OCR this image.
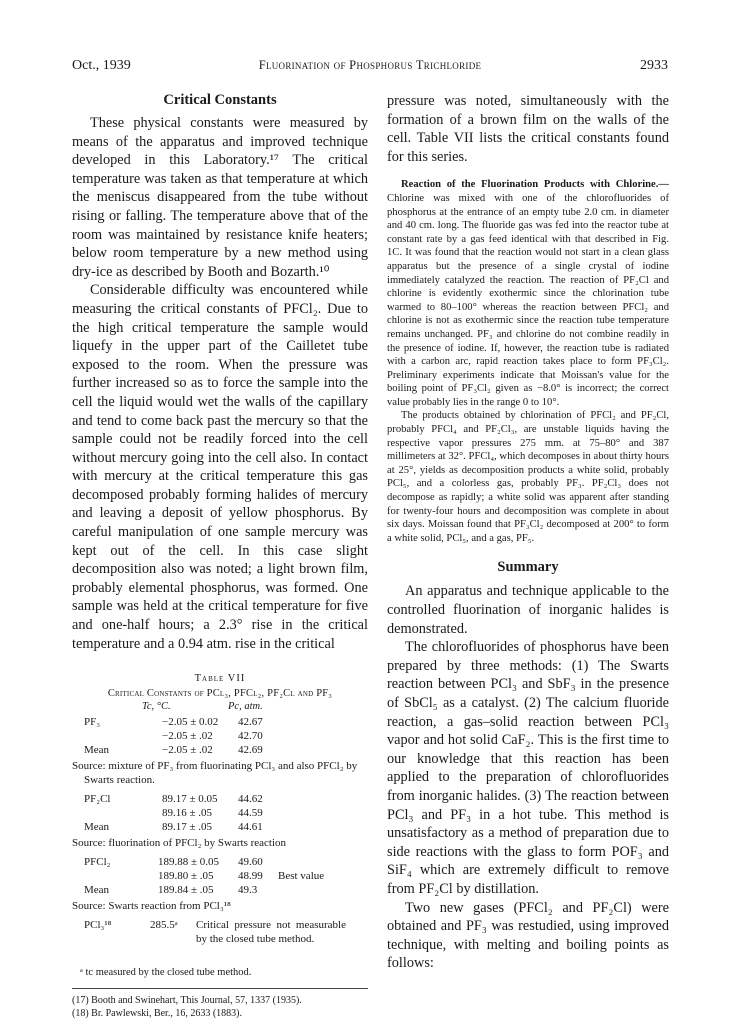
Oct., 1939	Fluorination of Phosphorus Trichloride	2933
Critical Constants

These physical constants were measured by means of the apparatus and improved technique developed in this Laboratory.¹⁷ The critical temperature was taken as that temperature at which the meniscus disappeared from the tube without rising or falling. The temperature above that of the room was maintained by resistance knife heaters; below room temperature by a new method using dry-ice as described by Booth and Bozarth.¹⁰

Considerable difficulty was encountered while measuring the critical constants of PFCl₂. Due to the high critical temperature the sample would liquefy in the upper part of the Cailletet tube exposed to the room. When the pressure was further increased so as to force the sample into the cell the liquid would wet the walls of the capillary and tend to come back past the mercury so that the sample could not be readily forced into the cell without mercury going into the cell also. In contact with mercury at the critical temperature this gas decomposed probably forming halides of mercury and leaving a deposit of yellow phosphorus. By careful manipulation of one sample mercury was kept out of the cell. In this case slight decomposition also was noted; a light brown film, probably elemental phosphorus, was formed. One sample was held at the critical temperature for five and one-half hours; a 2.3° rise in the critical temperature and a 0.94 atm. rise in the critical

Table VII
Critical Constants of PCl₃, PFCl₂, PF₂Cl and PF₃
Tc, °C.	Pc, atm.
PF₃	−2.05 ± 0.02 42.67
−2.05 ± .02 42.70
Mean	−2.05 ± .02 42.69
Source: mixture of PF₃ from fluorinating PCl₃ and also PFCl₂ by Swarts reaction.
PF₂Cl	89.17 ± 0.05 44.62
89.16 ± .05 44.59
Mean	89.17 ± .05 44.61
Source: fluorination of PFCl₂ by Swarts reaction
PFCl₂	189.88 ± 0.05 49.60
189.80 ± .05 48.99 Best value
Mean	189.84 ± .05 49.3
Source: Swarts reaction from PCl₃¹⁸
PCl₃¹⁸	285.5ᵃ Critical pressure not measurable by the closed tube method.
ᵃ tc measured by the closed tube method.
(17) Booth and Swinehart, This Journal, 57, 1337 (1935).
(18) Br. Pawlewski, Ber., 16, 2633 (1883).

pressure was noted, simultaneously with the formation of a brown film on the walls of the cell. Table VII lists the critical constants found for this series.

Reaction of the Fluorination Products with Chlorine.—Chlorine was mixed with one of the chlorofluorides of phosphorus at the entrance of an empty tube 2.0 cm. in diameter and 40 cm. long. The fluoride gas was fed into the reactor tube at constant rate by a gas feed identical with that described in Fig. 1C. It was found that the reaction would not start in a clean glass apparatus but the presence of a single crystal of iodine immediately catalyzed the reaction. The reaction of PF₂Cl and chlorine is evidently exothermic since the chlorination tube warmed to 80–100° whereas the reaction between PFCl₂ and chlorine is not as exothermic since the reaction tube temperature remains unchanged. PF₃ and chlorine do not combine readily in the presence of iodine. If, however, the reaction tube is radiated with a carbon arc, rapid reaction takes place to form PF₃Cl₂. Preliminary experiments indicate that Moissan's value for the boiling point of PF₃Cl₂ given as −8.0° is incorrect; the correct value probably lies in the range 0 to 10°.

The products obtained by chlorination of PFCl₂ and PF₂Cl, probably PFCl₄ and PF₂Cl₃, are unstable liquids having the respective vapor pressures 275 mm. at 75–80° and 387 millimeters at 32°. PFCl₄, which decomposes in about thirty hours at 25°, yields as decomposition products a white solid, probably PCl₅, and a colorless gas, probably PF₃. PF₂Cl₃ does not decompose as rapidly; a white solid was apparent after standing for twenty-four hours and decomposition was complete in about six days. Moissan found that PF₃Cl₂ decomposed at 200° to form a white solid, PCl₅, and a gas, PF₅.

Summary

An apparatus and technique applicable to the controlled fluorination of inorganic halides is demonstrated.

The chlorofluorides of phosphorus have been prepared by three methods: (1) The Swarts reaction between PCl₃ and SbF₃ in the presence of SbCl₅ as a catalyst. (2) The calcium fluoride reaction, a gas–solid reaction between PCl₃ vapor and hot solid CaF₂. This is the first time to our knowledge that this reaction has been applied to the preparation of chlorofluorides from inorganic halides. (3) The reaction between PCl₃ and PF₃ in a hot tube. This method is unsatisfactory as a method of preparation due to side reactions with the glass to form POF₃ and SiF₄ which are extremely difficult to remove from PF₂Cl by distillation.

Two new gases (PFCl₂ and PF₂Cl) were obtained and PF₃ was restudied, using improved technique, with melting and boiling points as follows:
